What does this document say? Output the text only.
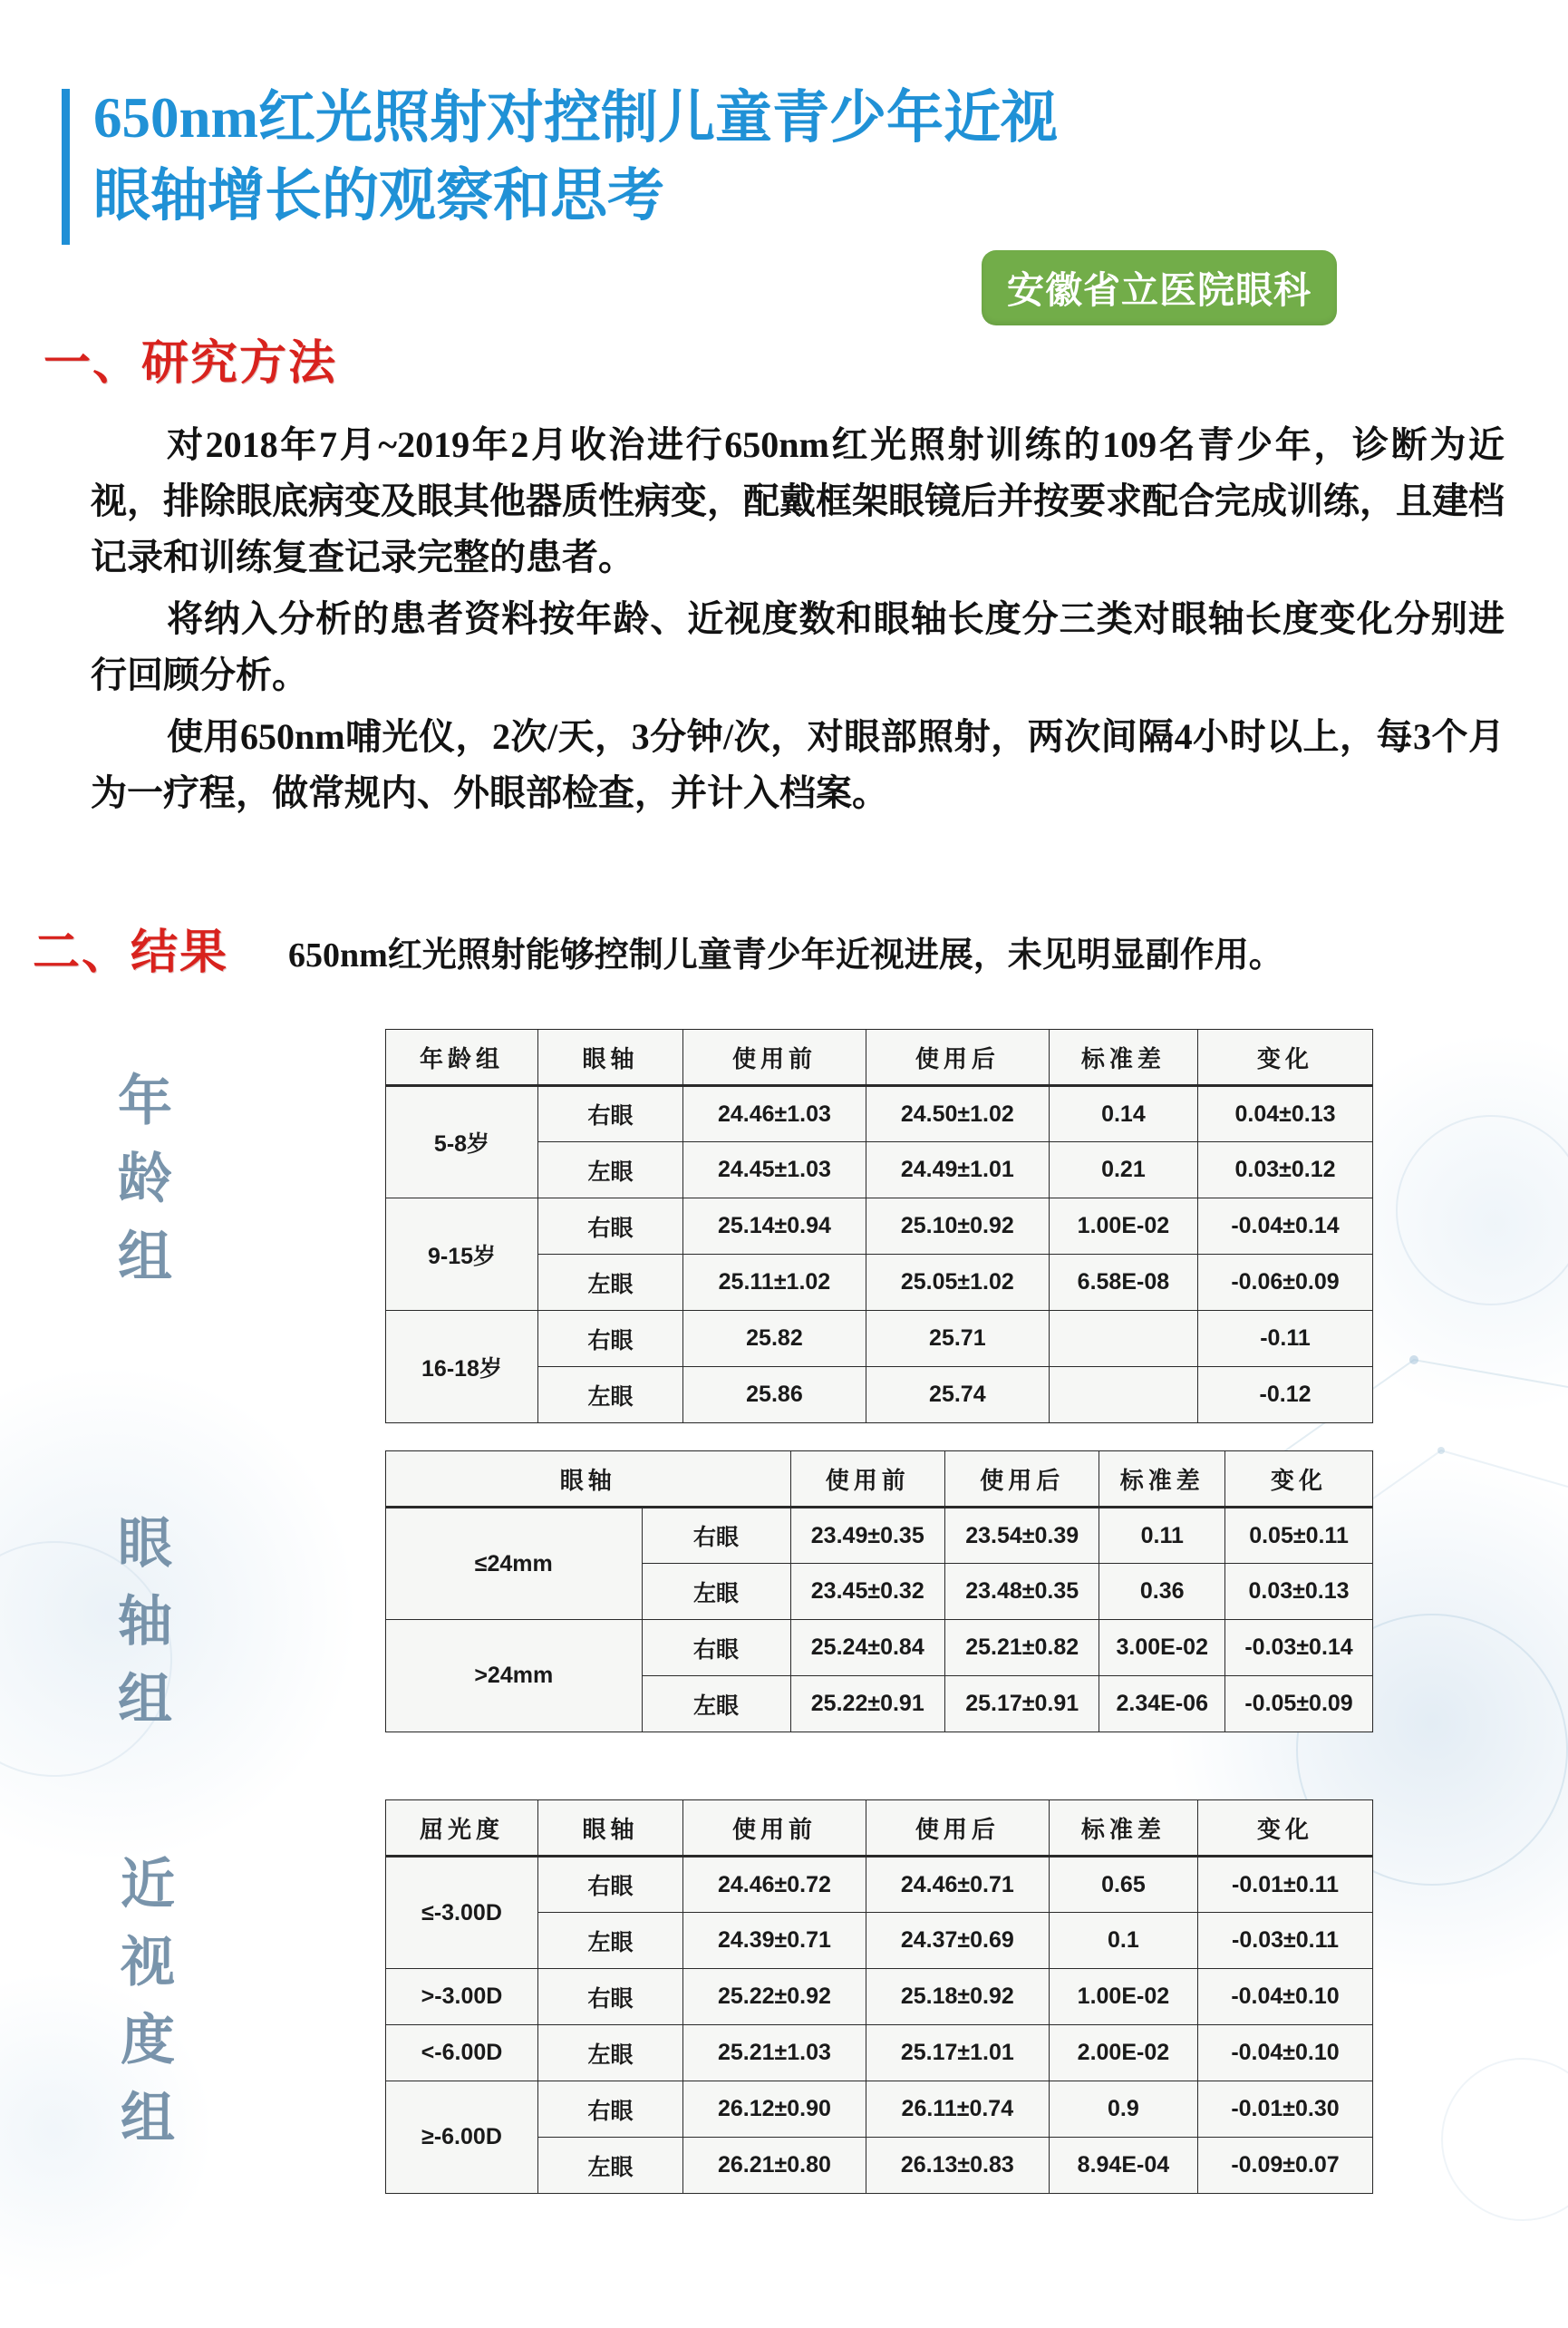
650nm红光照射对控制儿童青少年近视
眼轴增长的观察和思考
安徽省立医院眼科
一、研究方法

对2018年7月~2019年2月收治进行650nm红光照射训练的109名青少年，诊断为近视，排除眼底病变及眼其他器质性病变，配戴框架眼镜后并按要求配合完成训练，且建档记录和训练复查记录完整的患者。

将纳入分析的患者资料按年龄、近视度数和眼轴长度分三类对眼轴长度变化分别进行回顾分析。

使用650nm哺光仪，2次/天，3分钟/次，对眼部照射，两次间隔4小时以上，每3个月为一疗程，做常规内、外眼部检查，并计入档案。

二、结果 650nm红光照射能够控制儿童青少年近视进展，未见明显副作用。
年龄组
眼轴组
近视度组
年龄组	眼轴	使用前	使用后	标准差	变化
5-8岁	右眼	24.46±1.03	24.50±1.02	0.14	0.04±0.13
	左眼	24.45±1.03	24.49±1.01	0.21	0.03±0.12
9-15岁	右眼	25.14±0.94	25.10±0.92	1.00E-02	-0.04±0.14
	左眼	25.11±1.02	25.05±1.02	6.58E-08	-0.06±0.09
16-18岁	右眼	25.82	25.71		-0.11
	左眼	25.86	25.74		-0.12
眼轴		使用前	使用后	标准差	变化
≤24mm	右眼	23.49±0.35	23.54±0.39	0.11	0.05±0.11
	左眼	23.45±0.32	23.48±0.35	0.36	0.03±0.13
>24mm	右眼	25.24±0.84	25.21±0.82	3.00E-02	-0.03±0.14
	左眼	25.22±0.91	25.17±0.91	2.34E-06	-0.05±0.09
屈光度	眼轴	使用前	使用后	标准差	变化
≤-3.00D	右眼	24.46±0.72	24.46±0.71	0.65	-0.01±0.11
	左眼	24.39±0.71	24.37±0.69	0.1	-0.03±0.11
>-3.00D	右眼	25.22±0.92	25.18±0.92	1.00E-02	-0.04±0.10
<-6.00D	左眼	25.21±1.03	25.17±1.01	2.00E-02	-0.04±0.10
≥-6.00D	右眼	26.12±0.90	26.11±0.74	0.9	-0.01±0.30
	左眼	26.21±0.80	26.13±0.83	8.94E-04	-0.09±0.07
